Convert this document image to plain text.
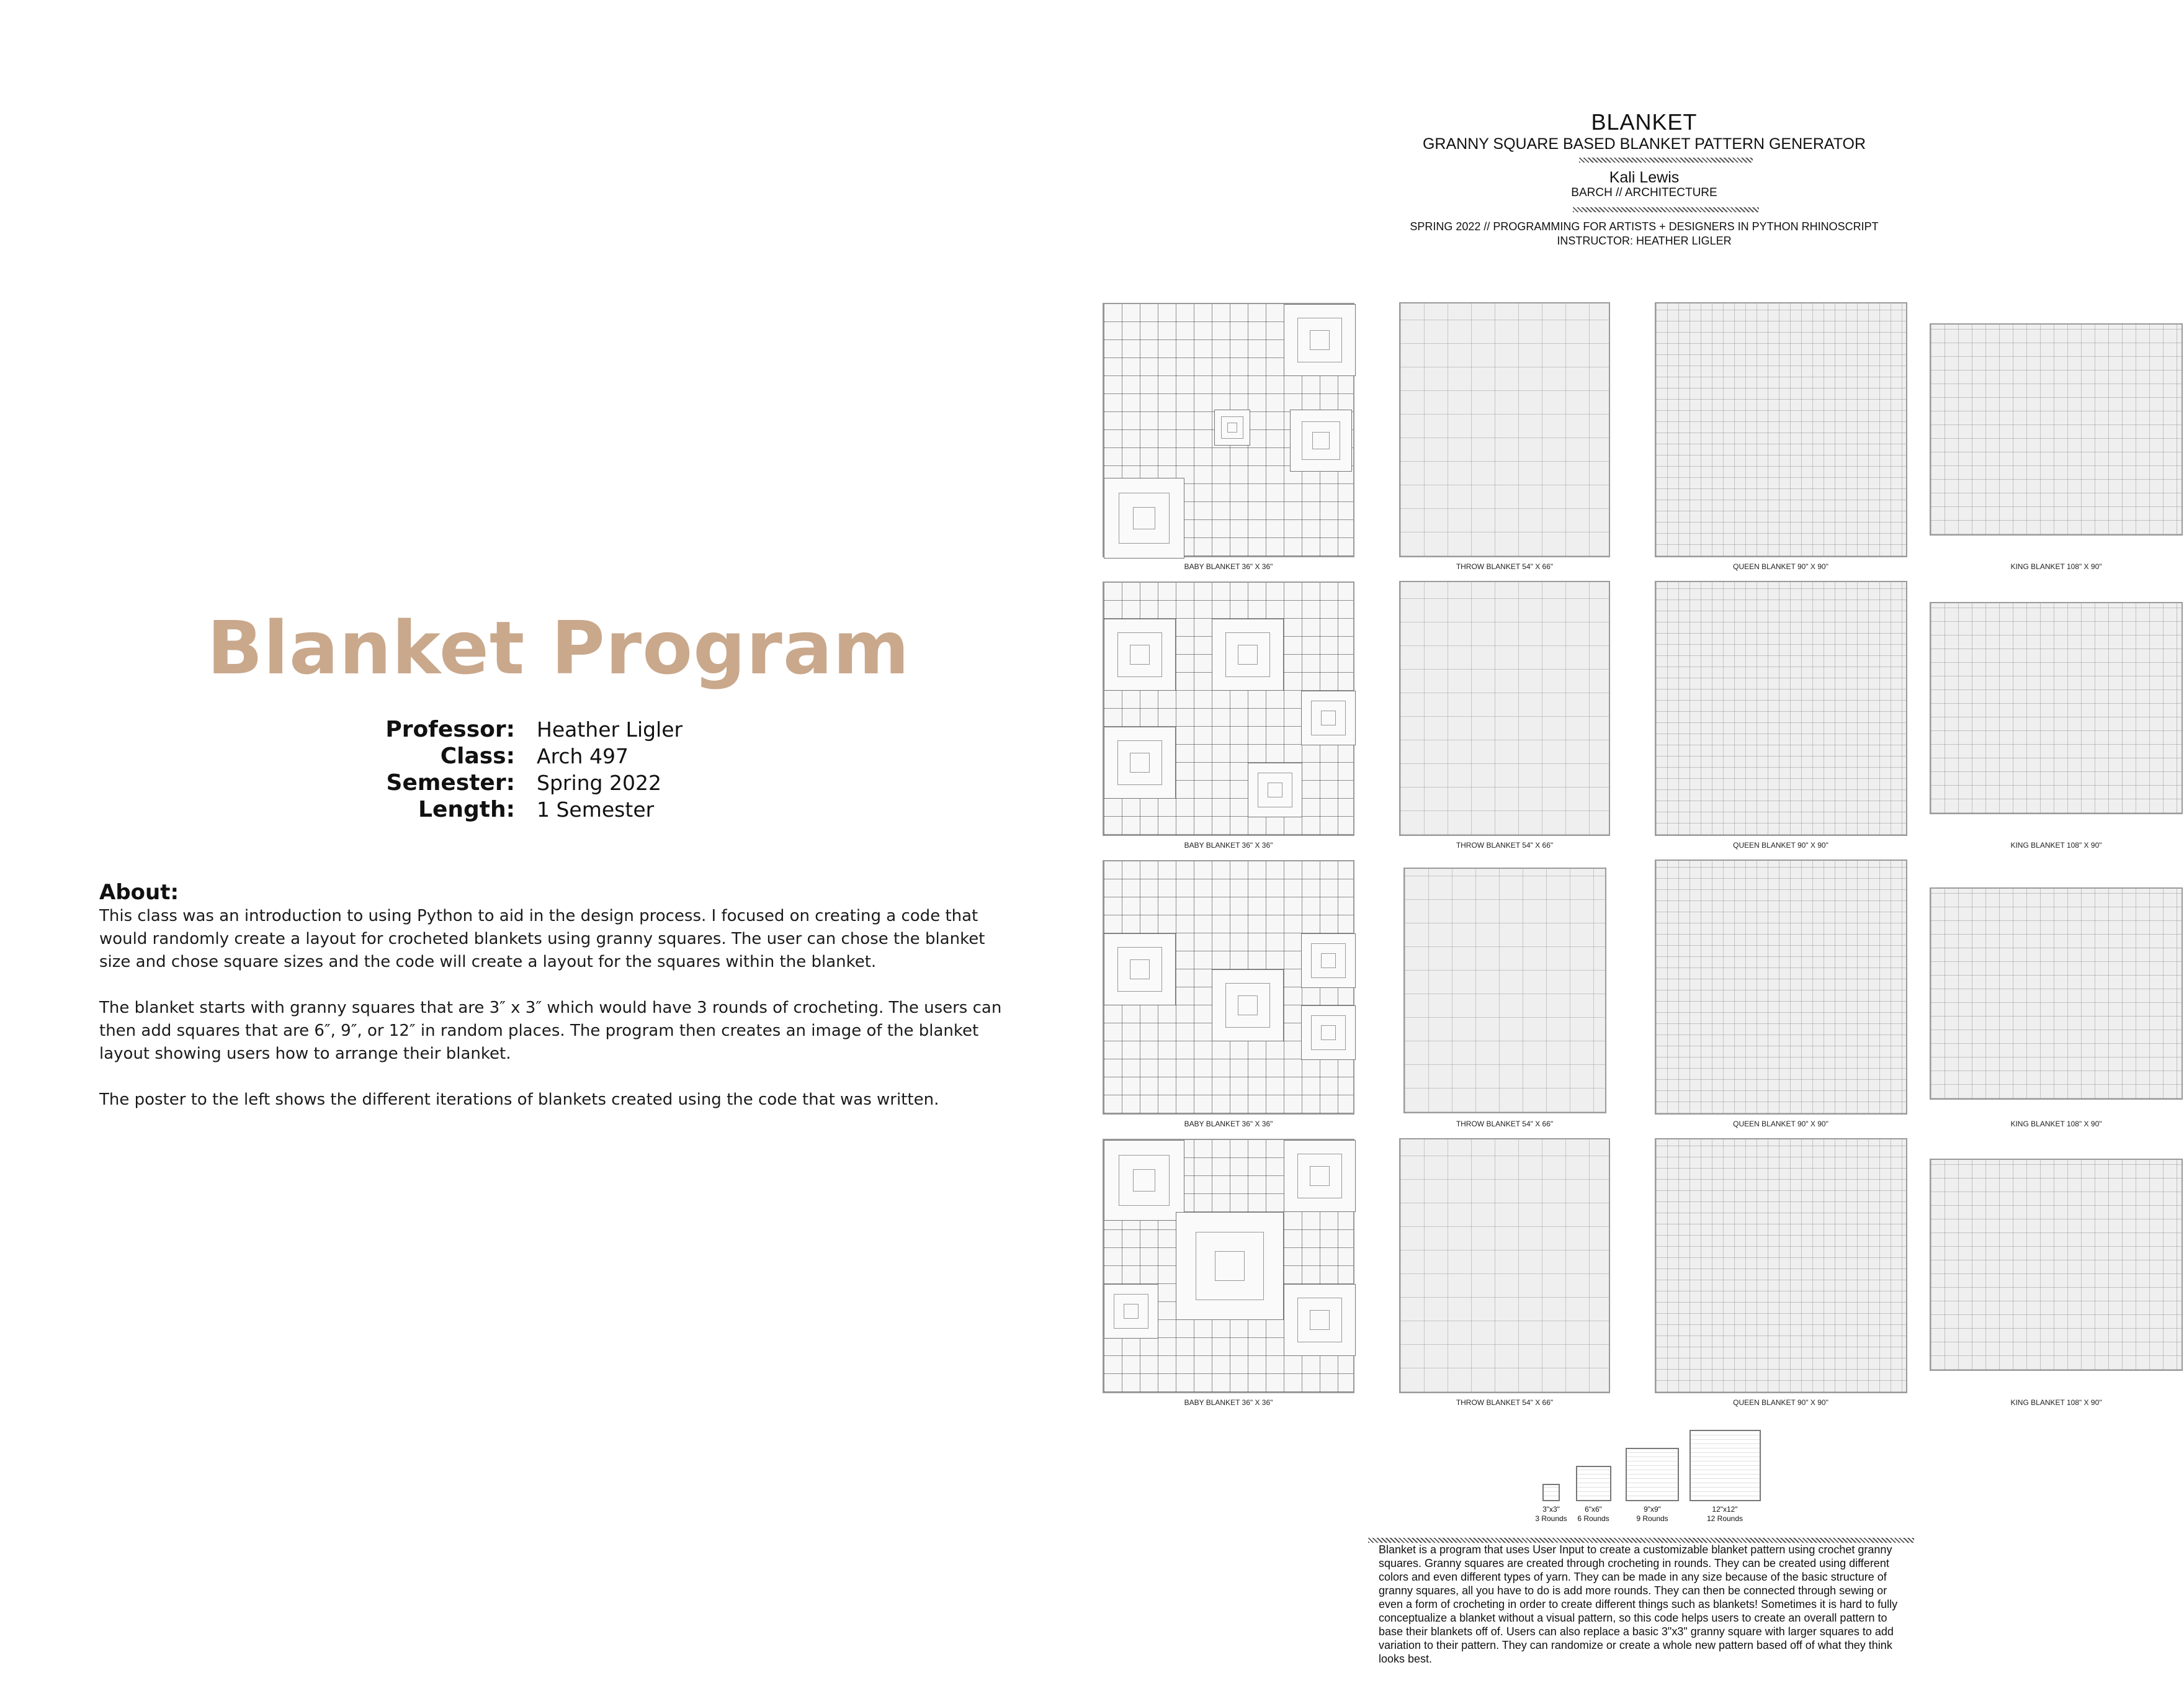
Blanket Program
Professor:	Heather Ligler
Class:	Arch 497
Semester:	Spring 2022
Length:	1 Semester
About:

This class was an introduction to using Python to aid in the design process. I focused on creating a code that would randomly create a layout for crocheted blankets using granny squares. The user can chose the blanket size and chose square sizes and the code will create a layout for the squares within the blanket.

The blanket starts with granny squares that are 3″ x 3″ which would have 3 rounds of crocheting. The users can then add squares that are 6″, 9″, or 12″ in random places. The program then creates an image of the blanket layout showing users how to arrange their blanket.

The poster to the left shows the different iterations of blankets created using the code that was written.

BLANKET
GRANNY SQUARE BASED BLANKET PATTERN GENERATOR
Kali Lewis
BARCH // ARCHITECTURE
SPRING 2022 // PROGRAMMING FOR ARTISTS + DESIGNERS IN PYTHON RHINOSCRIPT
INSTRUCTOR: HEATHER LIGLER
BABY BLANKET 36" X 36"	THROW BLANKET 54" X 66"	QUEEN BLANKET 90" X 90"	KING BLANKET 108" X 90"
BABY BLANKET 36" X 36"	THROW BLANKET 54" X 66"	QUEEN BLANKET 90" X 90"	KING BLANKET 108" X 90"
BABY BLANKET 36" X 36"	THROW BLANKET 54" X 66"	QUEEN BLANKET 90" X 90"	KING BLANKET 108" X 90"
BABY BLANKET 36" X 36"	THROW BLANKET 54" X 66"	QUEEN BLANKET 90" X 90"	KING BLANKET 108" X 90"
3"x3"
3 Rounds
6"x6"
6 Rounds
9"x9"
9 Rounds
12"x12"
12 Rounds

Blanket is a program that uses User Input to create a customizable blanket pattern using crochet granny squares. Granny squares are created through crocheting in rounds. They can be created using different colors and even different types of yarn. They can be made in any size because of the basic structure of granny squares, all you have to do is add more rounds. They can then be connected through sewing or even a form of crocheting in order to create different things such as blankets! Sometimes it is hard to fully conceptualize a blanket without a visual pattern, so this code helps users to create an overall pattern to base their blankets off of. Users can also replace a basic 3"x3" granny square with larger squares to add variation to their pattern. They can randomize or create a whole new pattern based off of what they think looks best.
